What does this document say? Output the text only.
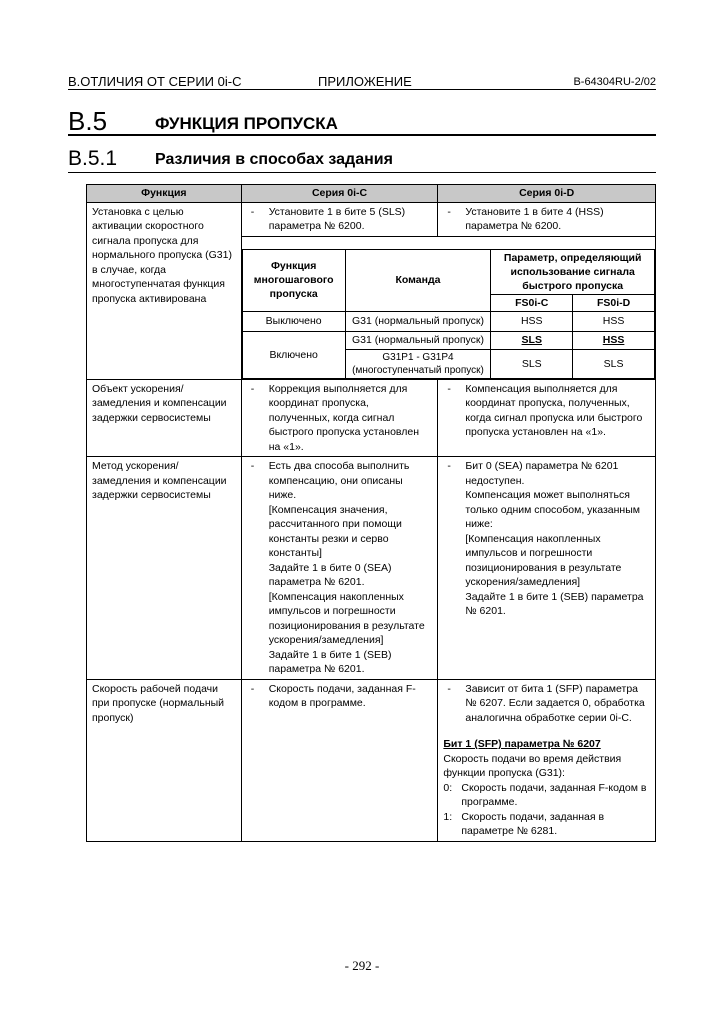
B.ОТЛИЧИЯ ОТ СЕРИИ 0i-C	ПРИЛОЖЕНИЕ	B-64304RU-2/02
B.5	ФУНКЦИЯ ПРОПУСКА
B.5.1 Различия в способах задания
Функция	Серия 0i-C	Серия 0i-D
Установка с целью активации скоростного сигнала пропуска для нормального пропуска (G31) в случае, когда многоступенчатая функция пропуска активирована	
-	Установите 1 в бите 5 (SLS) параметра № 6200.

-	Установите 1 в бите 4 (HSS) параметра № 6200.

Функция многошагового пропуска	Команда	Параметр, определяющий использование сигнала быстрого пропуска
FS0i-C	FS0i-D
Выключено	G31 (нормальный пропуск)	HSS	HSS
Включено	G31 (нормальный пропуск)	SLS	HSS

G31P1 - G31P4
(многоступенчатый пропуск)
	SLS	SLS

Объект ускорения/замедления и компенсации задержки сервосистемы	
-	Коррекция выполняется для координат пропуска, полученных, когда сигнал быстрого пропуска установлен на «1».

-	Компенсация выполняется для координат пропуска, полученных, когда сигнал пропуска или быстрого пропуска установлен на «1».

Метод ускорения/замедления и компенсации задержки сервосистемы	
-	Есть два способа выполнить компенсацию, они описаны ниже.
[Компенсация значения, рассчитанного при помощи константы резки и серво константы]
Задайте 1 в бите 0 (SEA) параметра № 6201.
[Компенсация накопленных импульсов и погрешности позиционирования в результате ускорения/замедления]
Задайте 1 в бите 1 (SEB) параметра № 6201.

-	Бит 0 (SEA) параметра № 6201 недоступен.
Компенсация может выполняться только одним способом, указанным ниже:
[Компенсация накопленных импульсов и погрешности позиционирования в результате ускорения/замедления]
Задайте 1 в бите 1 (SEB) параметра № 6201.

Скорость рабочей подачи при пропуске (нормальный пропуск)	
-	Скорость подачи, заданная F-кодом в программе.

-	Зависит от бита 1 (SFP) параметра № 6207. Если задается 0, обработка аналогична обработке серии 0i-C.
Бит 1 (SFP) параметра № 6207
Скорость подачи во время действия функции пропуска (G31):
0: Скорость подачи, заданная F-кодом в программе.
1: Скорость подачи, заданная в параметре № 6281.
- 292 -
